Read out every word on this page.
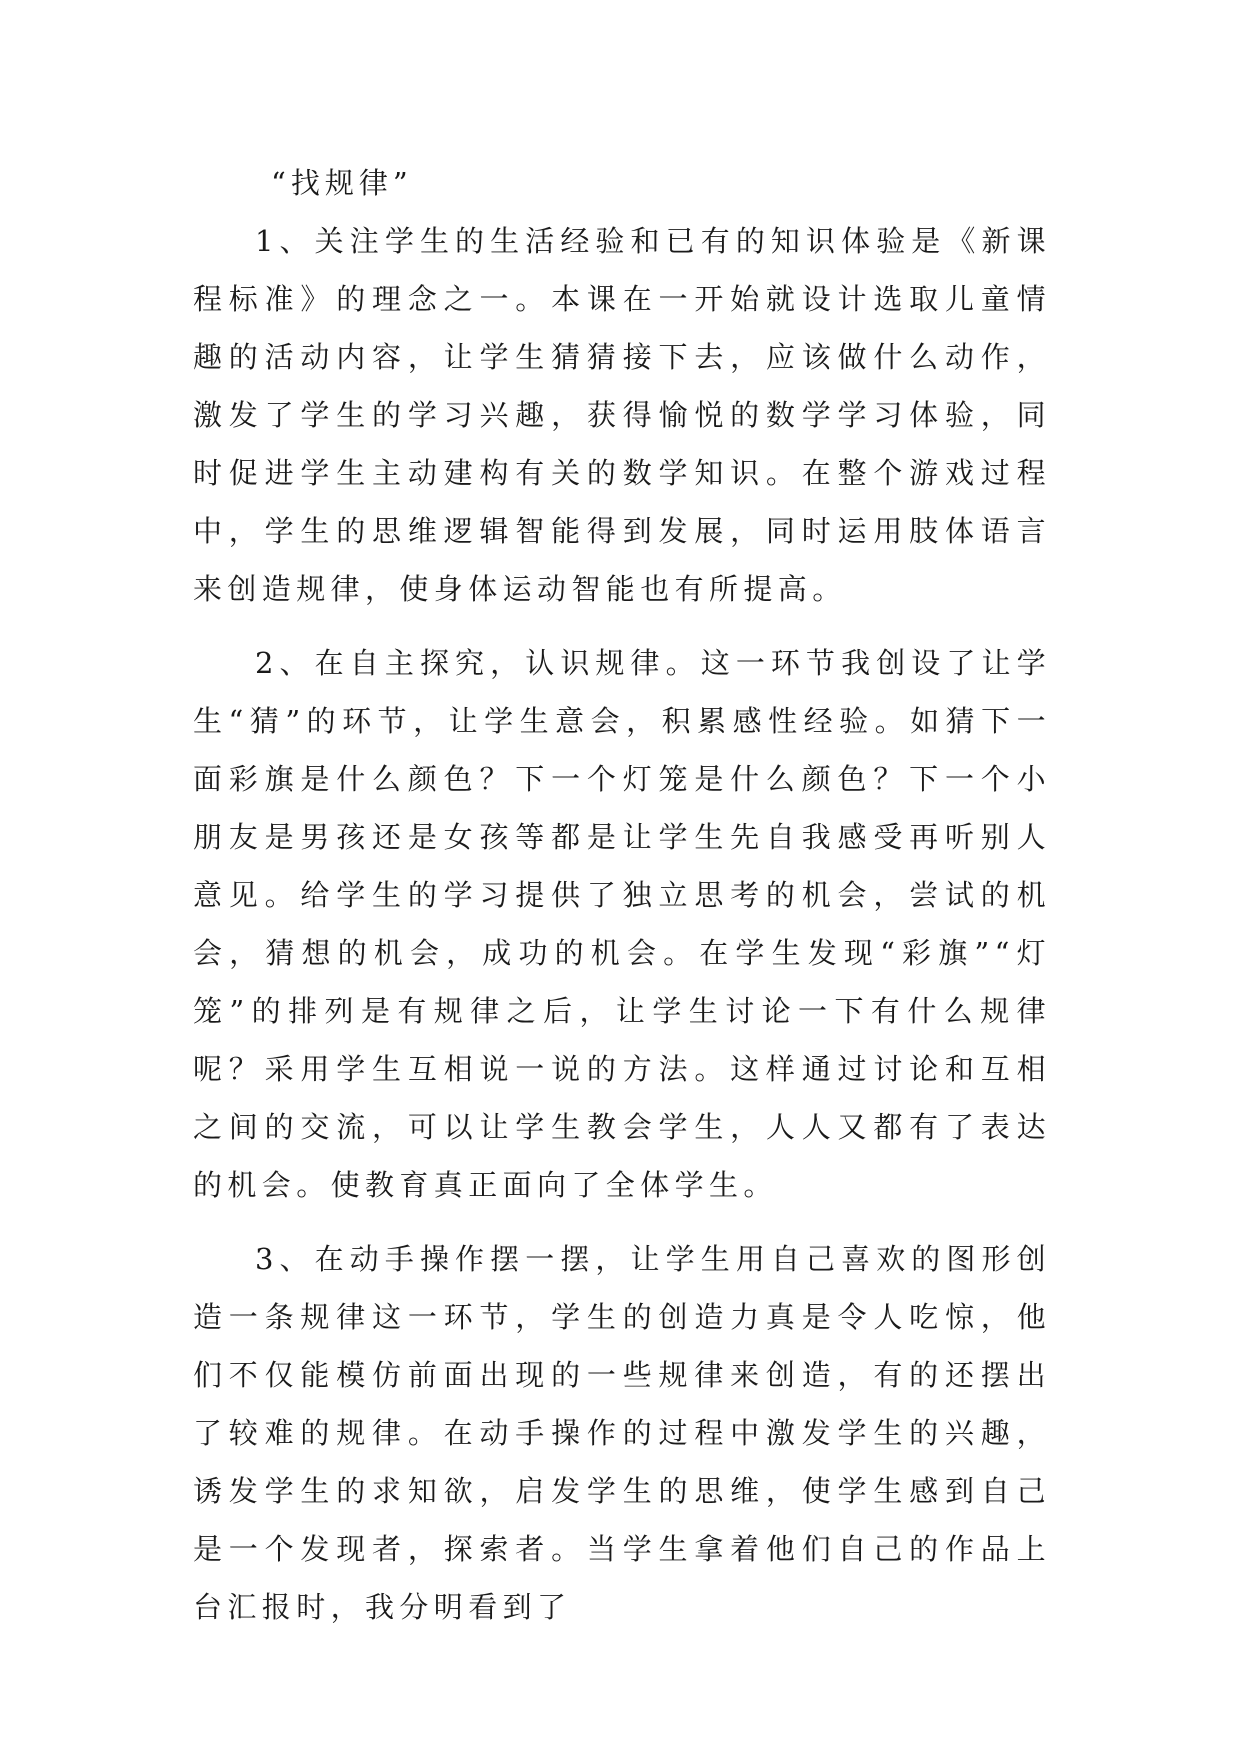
“找规律”

1、关注学生的生活经验和已有的知识体验是《新课程标准》的理念之一。本课在一开始就设计选取儿童情趣的活动内容，让学生猜猜接下去，应该做什么动作，激发了学生的学习兴趣，获得愉悦的数学学习体验，同时促进学生主动建构有关的数学知识。在整个游戏过程中，学生的思维逻辑智能得到发展，同时运用肢体语言来创造规律，使身体运动智能也有所提高。

2、在自主探究，认识规律。这一环节我创设了让学生“猜”的环节，让学生意会，积累感性经验。如猜下一面彩旗是什么颜色？下一个灯笼是什么颜色？下一个小朋友是男孩还是女孩等都是让学生先自我感受再听别人意见。给学生的学习提供了独立思考的机会，尝试的机会，猜想的机会，成功的机会。在学生发现“彩旗”“灯笼”的排列是有规律之后，让学生讨论一下有什么规律呢？采用学生互相说一说的方法。这样通过讨论和互相之间的交流，可以让学生教会学生，人人又都有了表达的机会。使教育真正面向了全体学生。

3、在动手操作摆一摆，让学生用自己喜欢的图形创造一条规律这一环节，学生的创造力真是令人吃惊，他们不仅能模仿前面出现的一些规律来创造，有的还摆出了较难的规律。在动手操作的过程中激发学生的兴趣，诱发学生的求知欲，启发学生的思维，使学生感到自己是一个发现者，探索者。当学生拿着他们自己的作品上台汇报时，我分明看到了
